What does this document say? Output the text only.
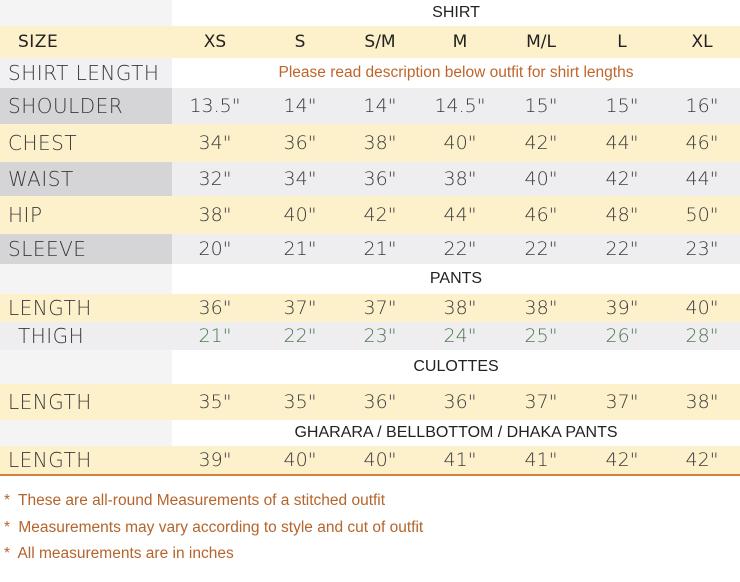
SHIRT
SIZE	XS	S	S/M	M	M/L	L	XL
SHIRT LENGTH	Please read description below outfit for shirt lengths
SHOULDER	13.5"	14"	14"	14.5"	15"	15"	16"
CHEST	34"	36"	38"	40"	42"	44"	46"
WAIST	32"	34"	36"	38"	40"	42"	44"
HIP	38"	40"	42"	44"	46"	48"	50"
SLEEVE	20"	21"	21"	22"	22"	22"	23"
PANTS
LENGTH	36"	37"	37"	38"	38"	39"	40"
THIGH	21"	22"	23"	24"	25"	26"	28"
CULOTTES
LENGTH	35"	35"	36"	36"	37"	37"	38"
GHARARA / BELLBOTTOM / DHAKA PANTS
LENGTH	39"	40"	40"	41"	41"	42"	42"
* These are all-round Measurements of a stitched outfit
* Measurements may vary according to style and cut of outfit
* All measurements are in inches
